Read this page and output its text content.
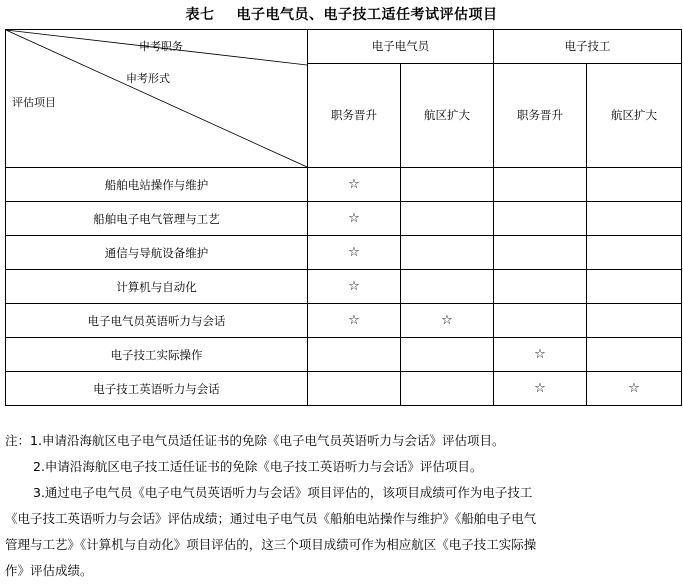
表七 电子电气员、电子技工适任考试评估项目
申考职务
申考形式
评估项目	电子电气员		电子技工	
	职务晋升	航区扩大	职务晋升	航区扩大
船舶电站操作与维护	☆			
船舶电子电气管理与工艺	☆			
通信与导航设备维护	☆			
计算机与自动化	☆			
电子电气员英语听力与会话	☆	☆		
电子技工实际操作			☆	
电子技工英语听力与会话			☆	☆

注：1.申请沿海航区电子电气员适任证书的免除《电子电气员英语听力与会话》评估项目。

2.申请沿海航区电子技工适任证书的免除《电子技工英语听力与会话》评估项目。

3.通过电子电气员《电子电气员英语听力与会话》项目评估的，该项目成绩可作为电子技工

《电子技工英语听力与会话》评估成绩；通过电子电气员《船舶电站操作与维护》《船舶电子电气

管理与工艺》《计算机与自动化》项目评估的，这三个项目成绩可作为相应航区《电子技工实际操

作》评估成绩。
